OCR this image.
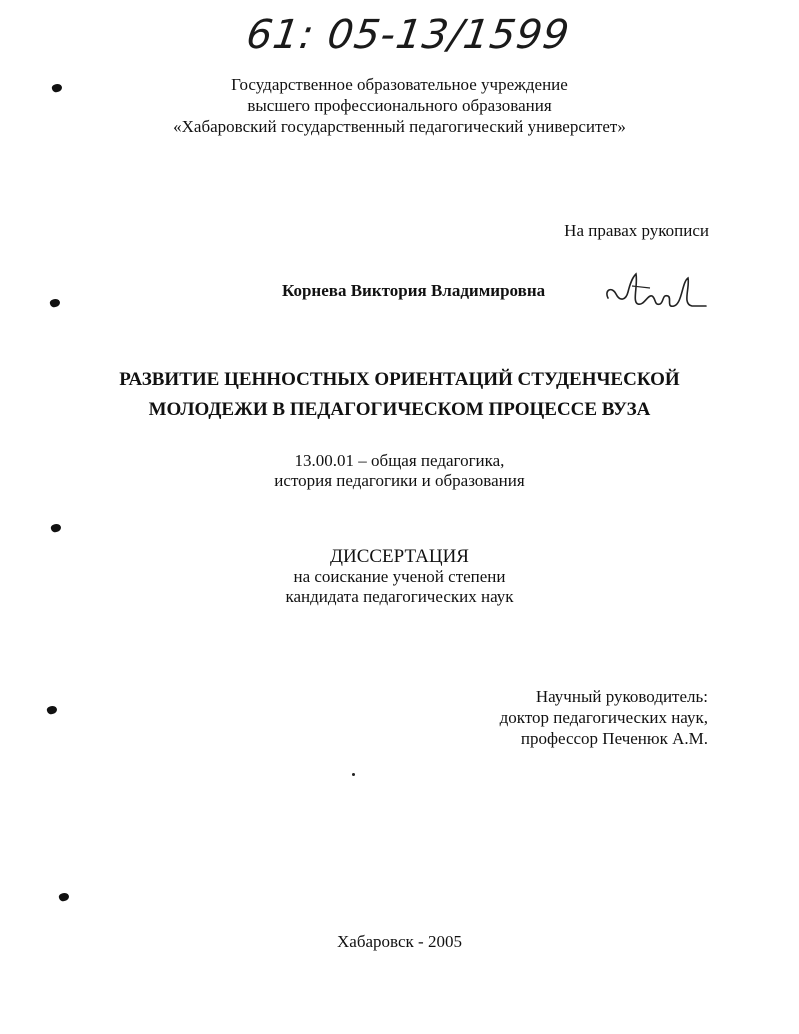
61: 05-13/1599
Государственное образовательное учреждение
высшего профессионального образования
«Хабаровский государственный педагогический университет»
На правах рукописи
Корнева Виктория Владимировна
РАЗВИТИЕ ЦЕННОСТНЫХ ОРИЕНТАЦИЙ СТУДЕНЧЕСКОЙ
МОЛОДЕЖИ В ПЕДАГОГИЧЕСКОМ ПРОЦЕССЕ ВУЗА
13.00.01 – общая педагогика,
история педагогики и образования
ДИССЕРТАЦИЯ
на соискание ученой степени
кандидата педагогических наук
Научный руководитель:
доктор педагогических наук,
профессор Печенюк А.М.
Хабаровск - 2005
